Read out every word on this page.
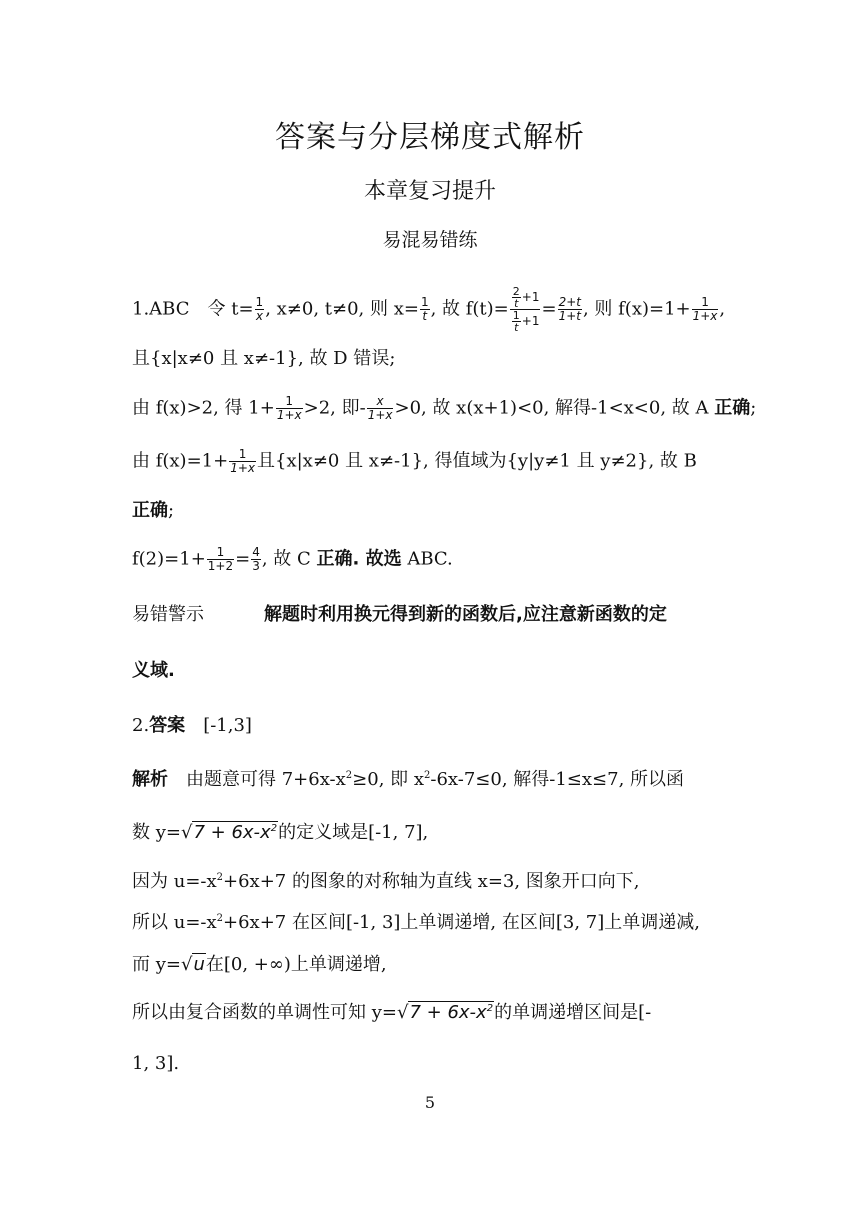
答案与分层梯度式解析
本章复习提升
易混易错练
1.ABC　令 $t= \frac{1}{x}$ , x≠0, t≠0, 则 $x= \frac{1}{t}$ , 故 $f(t)= \frac{\frac{2}{t} +1}{\frac{1}{t} +1} = \frac{2+t}{1+t}$ , 则 $f(x)=1+ \frac{1}{1+x}$ ,
且{x|x≠0 且 x≠-1}, 故 D 错误;
由 f(x)>2, 得 $1+ \frac{1}{1+x} >2$, 即- $\frac{x}{1+x} >0$, 故 x(x+1)<0, 解得-1<x<0, 故 A 正确;
由 $f(x)=1+ \frac{1}{1+x}$ 且{x|x≠0 且 x≠-1}, 得值域为{y|y≠1 且 y≠2}, 故 B
正确;
$f(2)=1+ \frac{1}{1+2} = \frac{4}{3}$ , 故 C 正确. 故选 ABC.
易错警示	解题时利用换元得到新的函数后,应注意新函数的定
义域.
2.答案 [-1,3]
解析 由题意可得 $7+6x-x^2\ge 0$, 即 $x^2-6x-7\le 0$, 解得-1≤x≤7, 所以函
数 $y=√7 + 6x-x^2$的定义域是[-1, 7],
因为 $u=-x^2+6x+7$ 的图象的对称轴为直线 x=3, 图象开口向下,
所以 $u=-x^2+6x+7$ 在区间[-1, 3]上单调递增, 在区间[3, 7]上单调递减,
而 y=√u在[0, +∞)上单调递增,
所以由复合函数的单调性可知 $y=√7 + 6x-x^2$的单调递增区间是[-
1, 3].
5
